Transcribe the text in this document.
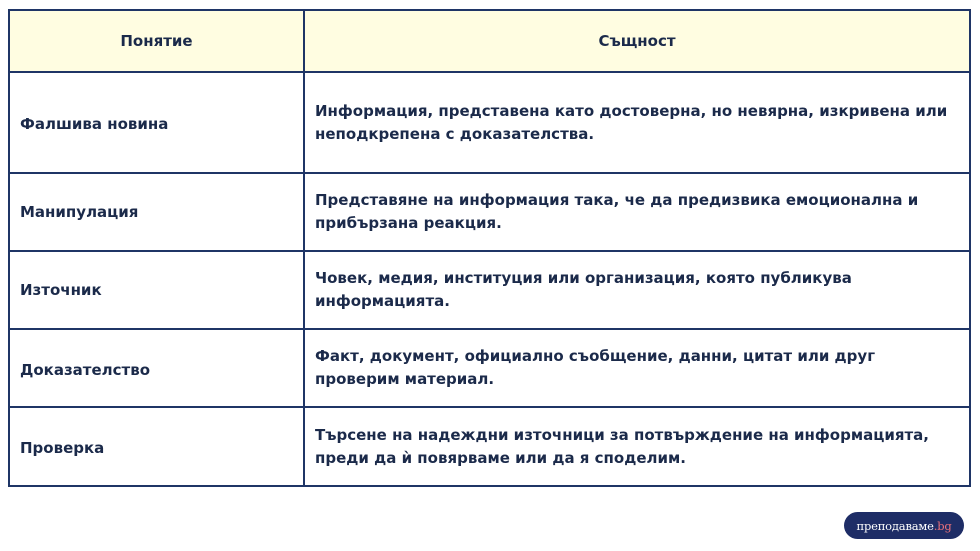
Понятие	Същност
Фалшива новина	Информация, представена като достоверна, но невярна, изкривена или неподкрепена с доказателства.
Манипулация	Представяне на информация така, че да предизвика емоционална и прибързана реакция.
Източник	Човек, медия, институция или организация, която публикува информацията.
Доказателство	Факт, документ, официално съобщение, данни, цитат или друг проверим материал.
Проверка	Търсене на надеждни източници за потвърждение на информацията, преди да ѝ повярваме или да я споделим.
преподаваме .bg
